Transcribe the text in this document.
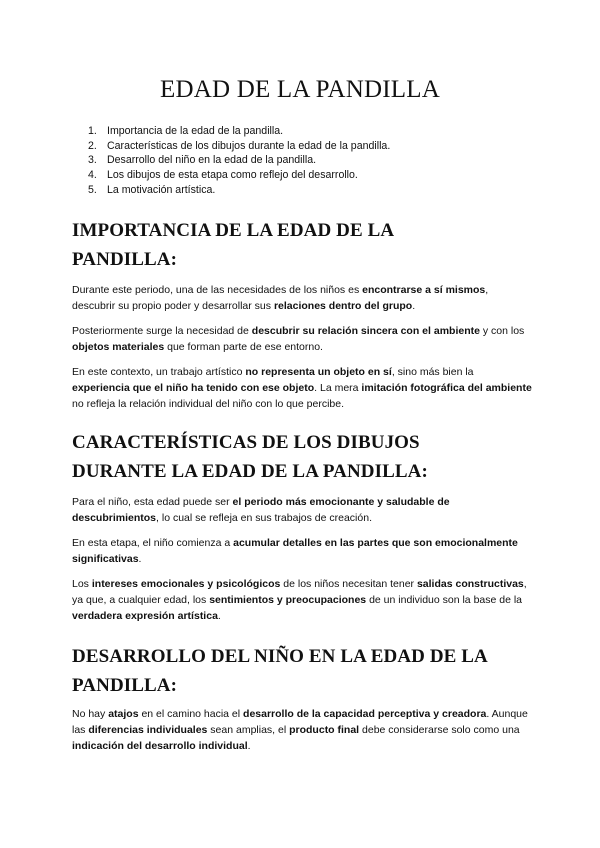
EDAD DE LA PANDILLA
1. Importancia de la edad de la pandilla.
2. Características de los dibujos durante la edad de la pandilla.
3. Desarrollo del niño en la edad de la pandilla.
4. Los dibujos de esta etapa como reflejo del desarrollo.
5. La motivación artística.
IMPORTANCIA DE LA EDAD DE LA
PANDILLA:

Durante este periodo, una de las necesidades de los niños es encontrarse a sí mismos, descubrir su propio poder y desarrollar sus relaciones dentro del grupo.

Posteriormente surge la necesidad de descubrir su relación sincera con el ambiente y con los objetos materiales que forman parte de ese entorno.

En este contexto, un trabajo artístico no representa un objeto en sí, sino más bien la experiencia que el niño ha tenido con ese objeto. La mera imitación fotográfica del ambiente no refleja la relación individual del niño con lo que percibe.

CARACTERÍSTICAS DE LOS DIBUJOS
DURANTE LA EDAD DE LA PANDILLA:

Para el niño, esta edad puede ser el periodo más emocionante y saludable de descubrimientos, lo cual se refleja en sus trabajos de creación.

En esta etapa, el niño comienza a acumular detalles en las partes que son emocionalmente significativas.

Los intereses emocionales y psicológicos de los niños necesitan tener salidas constructivas, ya que, a cualquier edad, los sentimientos y preocupaciones de un individuo son la base de la verdadera expresión artística.

DESARROLLO DEL NIÑO EN LA EDAD DE LA
PANDILLA:

No hay atajos en el camino hacia el desarrollo de la capacidad perceptiva y creadora. Aunque las diferencias individuales sean amplias, el producto final debe considerarse solo como una indicación del desarrollo individual.
